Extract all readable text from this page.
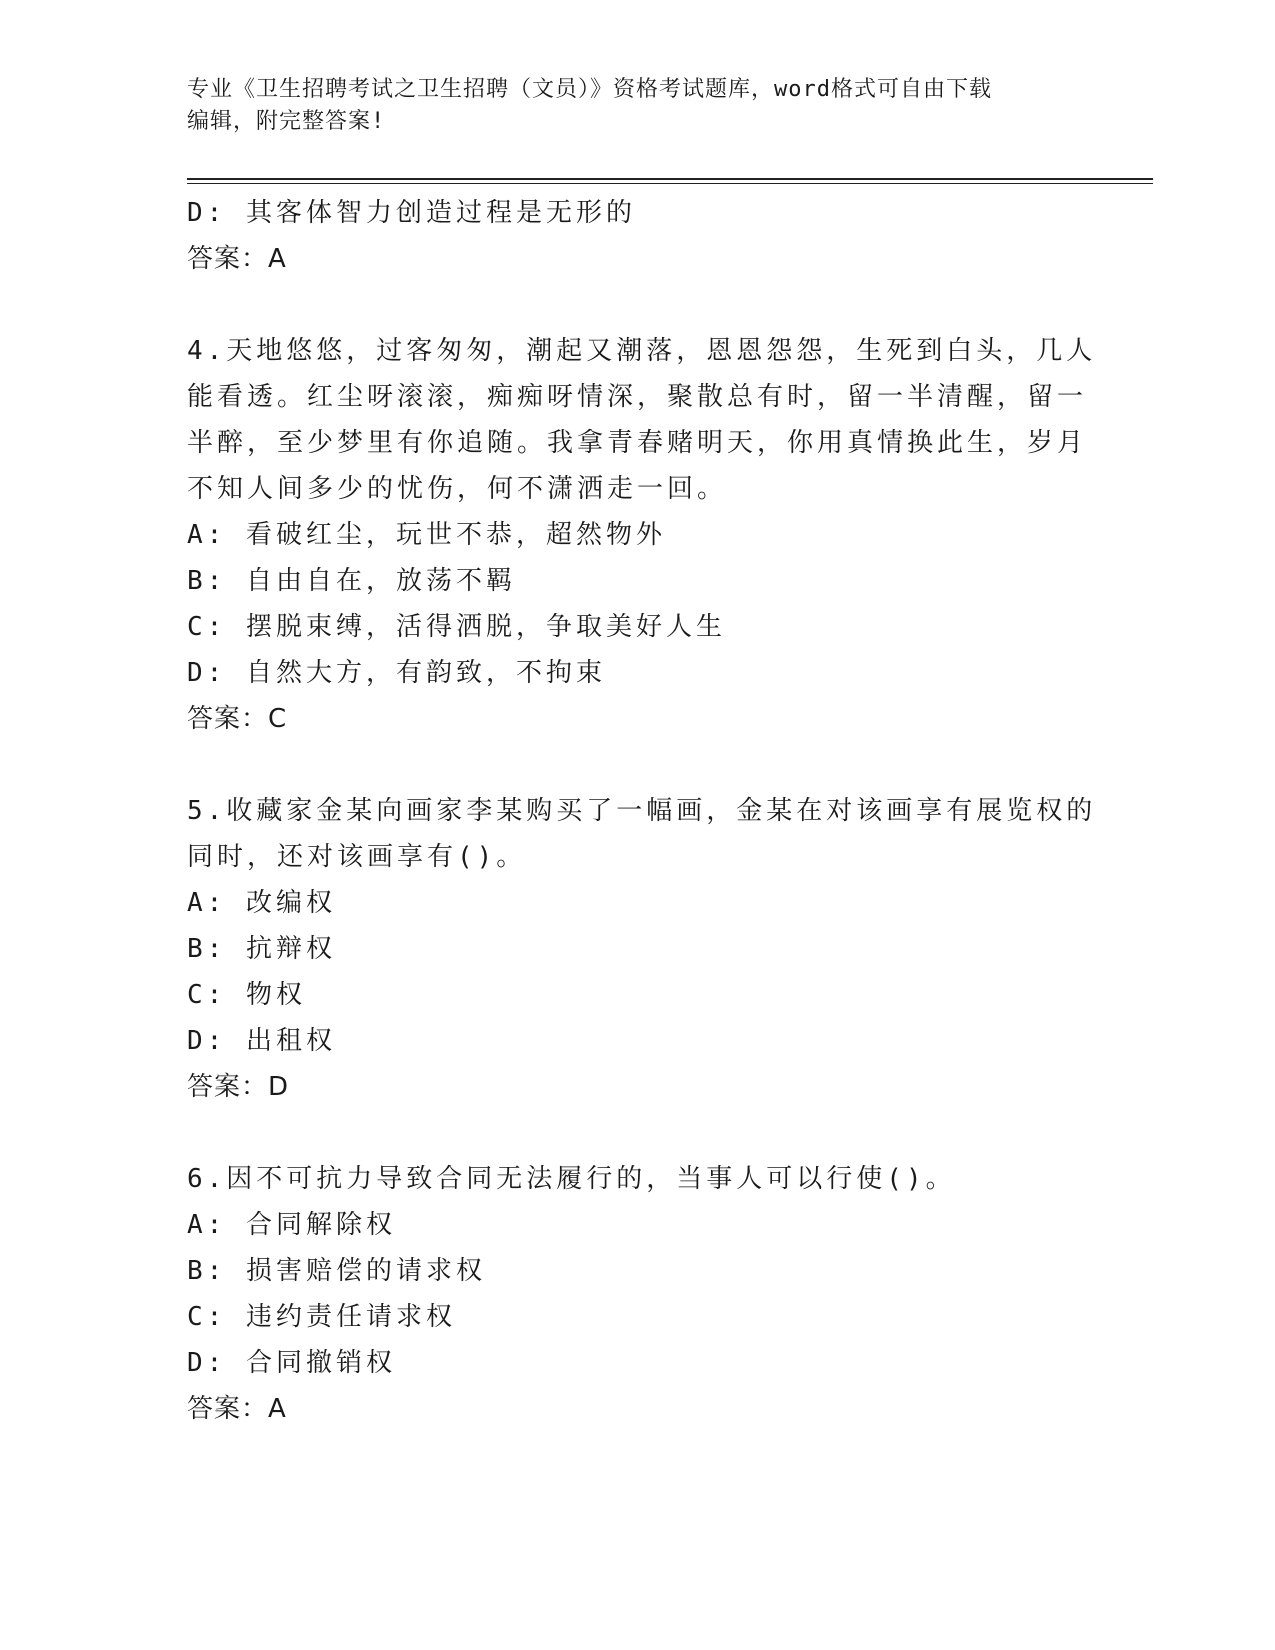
专业《卫生招聘考试之卫生招聘（文员）》资格考试题库，word格式可自由下载
编辑，附完整答案!
D: 其客体智力创造过程是无形的
答案：A
4.天地悠悠，过客匆匆，潮起又潮落，恩恩怨怨，生死到白头，几人
能看透。红尘呀滚滚，痴痴呀情深，聚散总有时，留一半清醒，留一
半醉，至少梦里有你追随。我拿青春赌明天，你用真情换此生，岁月
不知人间多少的忧伤，何不潇洒走一回。
A: 看破红尘，玩世不恭，超然物外
B: 自由自在，放荡不羁
C: 摆脱束缚，活得洒脱，争取美好人生
D: 自然大方，有韵致，不拘束
答案：C
5.收藏家金某向画家李某购买了一幅画，金某在对该画享有展览权的
同时，还对该画享有()。
A: 改编权
B: 抗辩权
C: 物权
D: 出租权
答案：D
6.因不可抗力导致合同无法履行的，当事人可以行使()。
A: 合同解除权
B: 损害赔偿的请求权
C: 违约责任请求权
D: 合同撤销权
答案：A
